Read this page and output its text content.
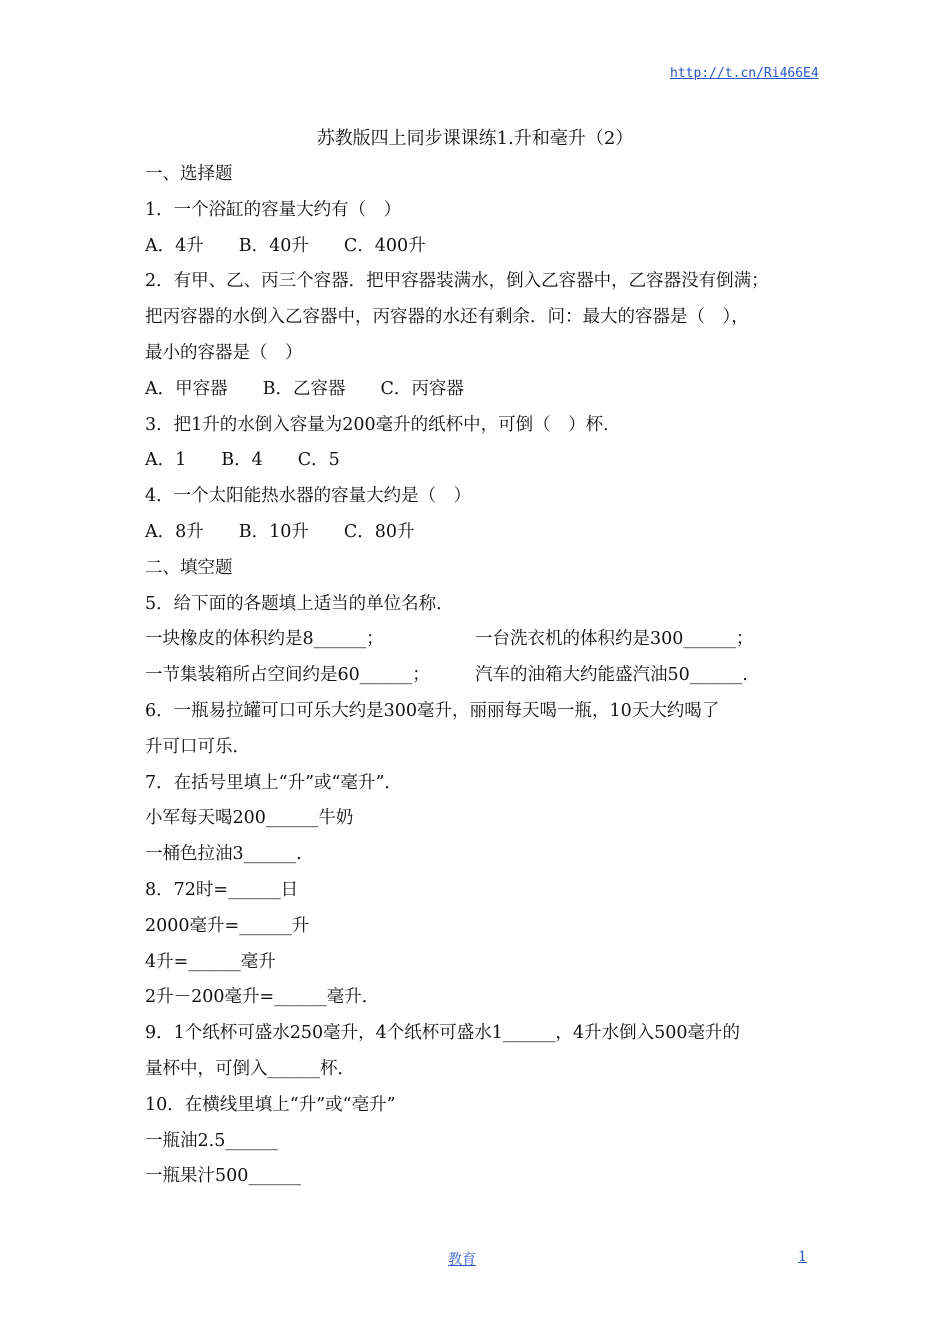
http://t.cn/Ri466E4
苏教版四上同步课课练1.升和毫升（2）
一、选择题
1．一个浴缸的容量大约有（　）
A．4升　　B．40升　　C．400升
2．有甲、乙、丙三个容器．把甲容器装满水，倒入乙容器中，乙容器没有倒满；
把丙容器的水倒入乙容器中，丙容器的水还有剩余．问：最大的容器是（　），
最小的容器是（　）
A．甲容器　　B．乙容器　　C．丙容器
3．把1升的水倒入容量为200毫升的纸杯中，可倒（　）杯．
A．1　　B．4　　C．5
4．一个太阳能热水器的容量大约是（　）
A．8升　　B．10升　　C．80升
二、填空题
5．给下面的各题填上适当的单位名称．
一块橡皮的体积约是8______；	一台洗衣机的体积约是300______；
一节集装箱所占空间约是60______；	汽车的油箱大约能盛汽油50______.
6．一瓶易拉罐可口可乐大约是300毫升，丽丽每天喝一瓶，10天大约喝了
升可口可乐．
7．在括号里填上“升”或“毫升”．
小军每天喝200______牛奶
一桶色拉油3______.
8．72时=______日
2000毫升=______升
4升=______毫升
2升－200毫升=______毫升．
9．1个纸杯可盛水250毫升，4个纸杯可盛水1______，4升水倒入500毫升的
量杯中，可倒入______杯．
10．在横线里填上“升”或“亳升”
一瓶油2.5______
一瓶果汁500______
教育	1
